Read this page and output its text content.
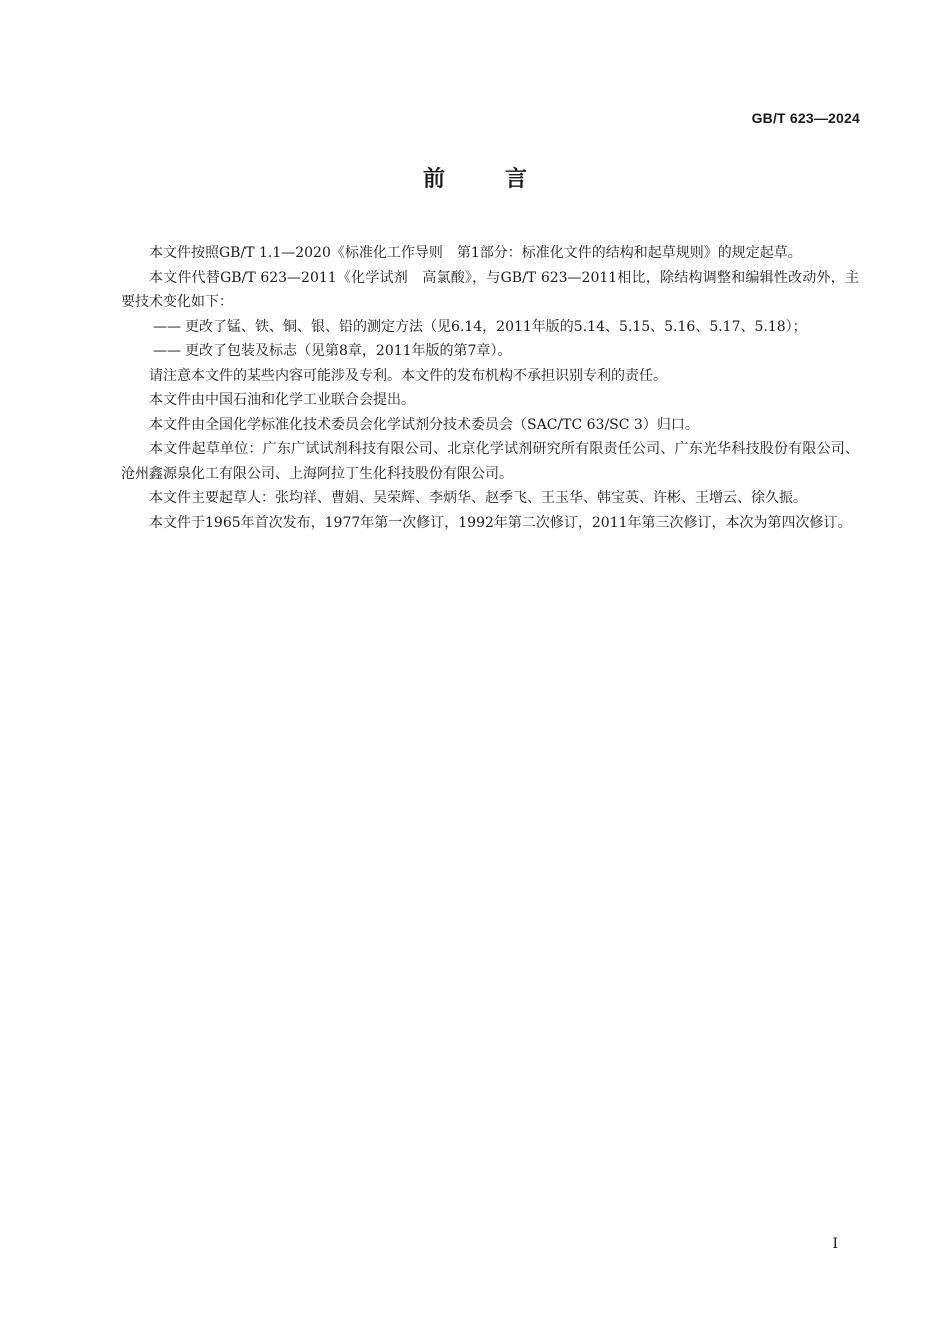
GB/T 623—2024
前言

本文件按照GB/T 1.1—2020《标准化工作导则　第1部分：标准化文件的结构和起草规则》的规定起草。

本文件代替GB/T 623—2011《化学试剂　高氯酸》，与GB/T 623—2011相比，除结构调整和编辑性改动外，主要技术变化如下：

—— 更改了锰、铁、铜、银、铅的测定方法（见6.14，2011年版的5.14、5.15、5.16、5.17、5.18）；

—— 更改了包装及标志（见第8章，2011年版的第7章）。

请注意本文件的某些内容可能涉及专利。本文件的发布机构不承担识别专利的责任。

本文件由中国石油和化学工业联合会提出。

本文件由全国化学标准化技术委员会化学试剂分技术委员会（SAC/TC 63/SC 3）归口。

本文件起草单位：广东广试试剂科技有限公司、北京化学试剂研究所有限责任公司、广东光华科技股份有限公司、沧州鑫源泉化工有限公司、上海阿拉丁生化科技股份有限公司。

本文件主要起草人：张均祥、曹娟、吴荣辉、李炳华、赵季飞、王玉华、韩宝英、许彬、王增云、徐久振。

本文件于1965年首次发布，1977年第一次修订，1992年第二次修订，2011年第三次修订，本次为第四次修订。

I
